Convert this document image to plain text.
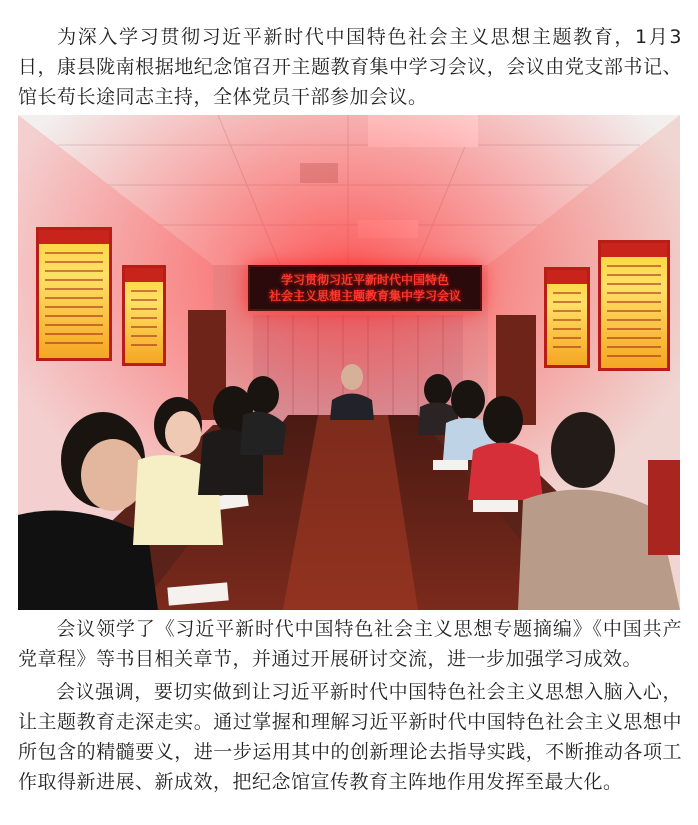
为深入学习贯彻习近平新时代中国特色社会主义思想主题教育，1月3日，康县陇南根据地纪念馆召开主题教育集中学习会议，会议由党支部书记、馆长苟长途同志主持，全体党员干部参加会议。

学习贯彻习近平新时代中国特色
社会主义思想主题教育集中学习会议

会议领学了《习近平新时代中国特色社会主义思想专题摘编》《中国共产党章程》等书目相关章节，并通过开展研讨交流，进一步加强学习成效。

会议强调，要切实做到让习近平新时代中国特色社会主义思想入脑入心，让主题教育走深走实。通过掌握和理解习近平新时代中国特色社会主义思想中所包含的精髓要义，进一步运用其中的创新理论去指导实践，不断推动各项工作取得新进展、新成效，把纪念馆宣传教育主阵地作用发挥至最大化。
